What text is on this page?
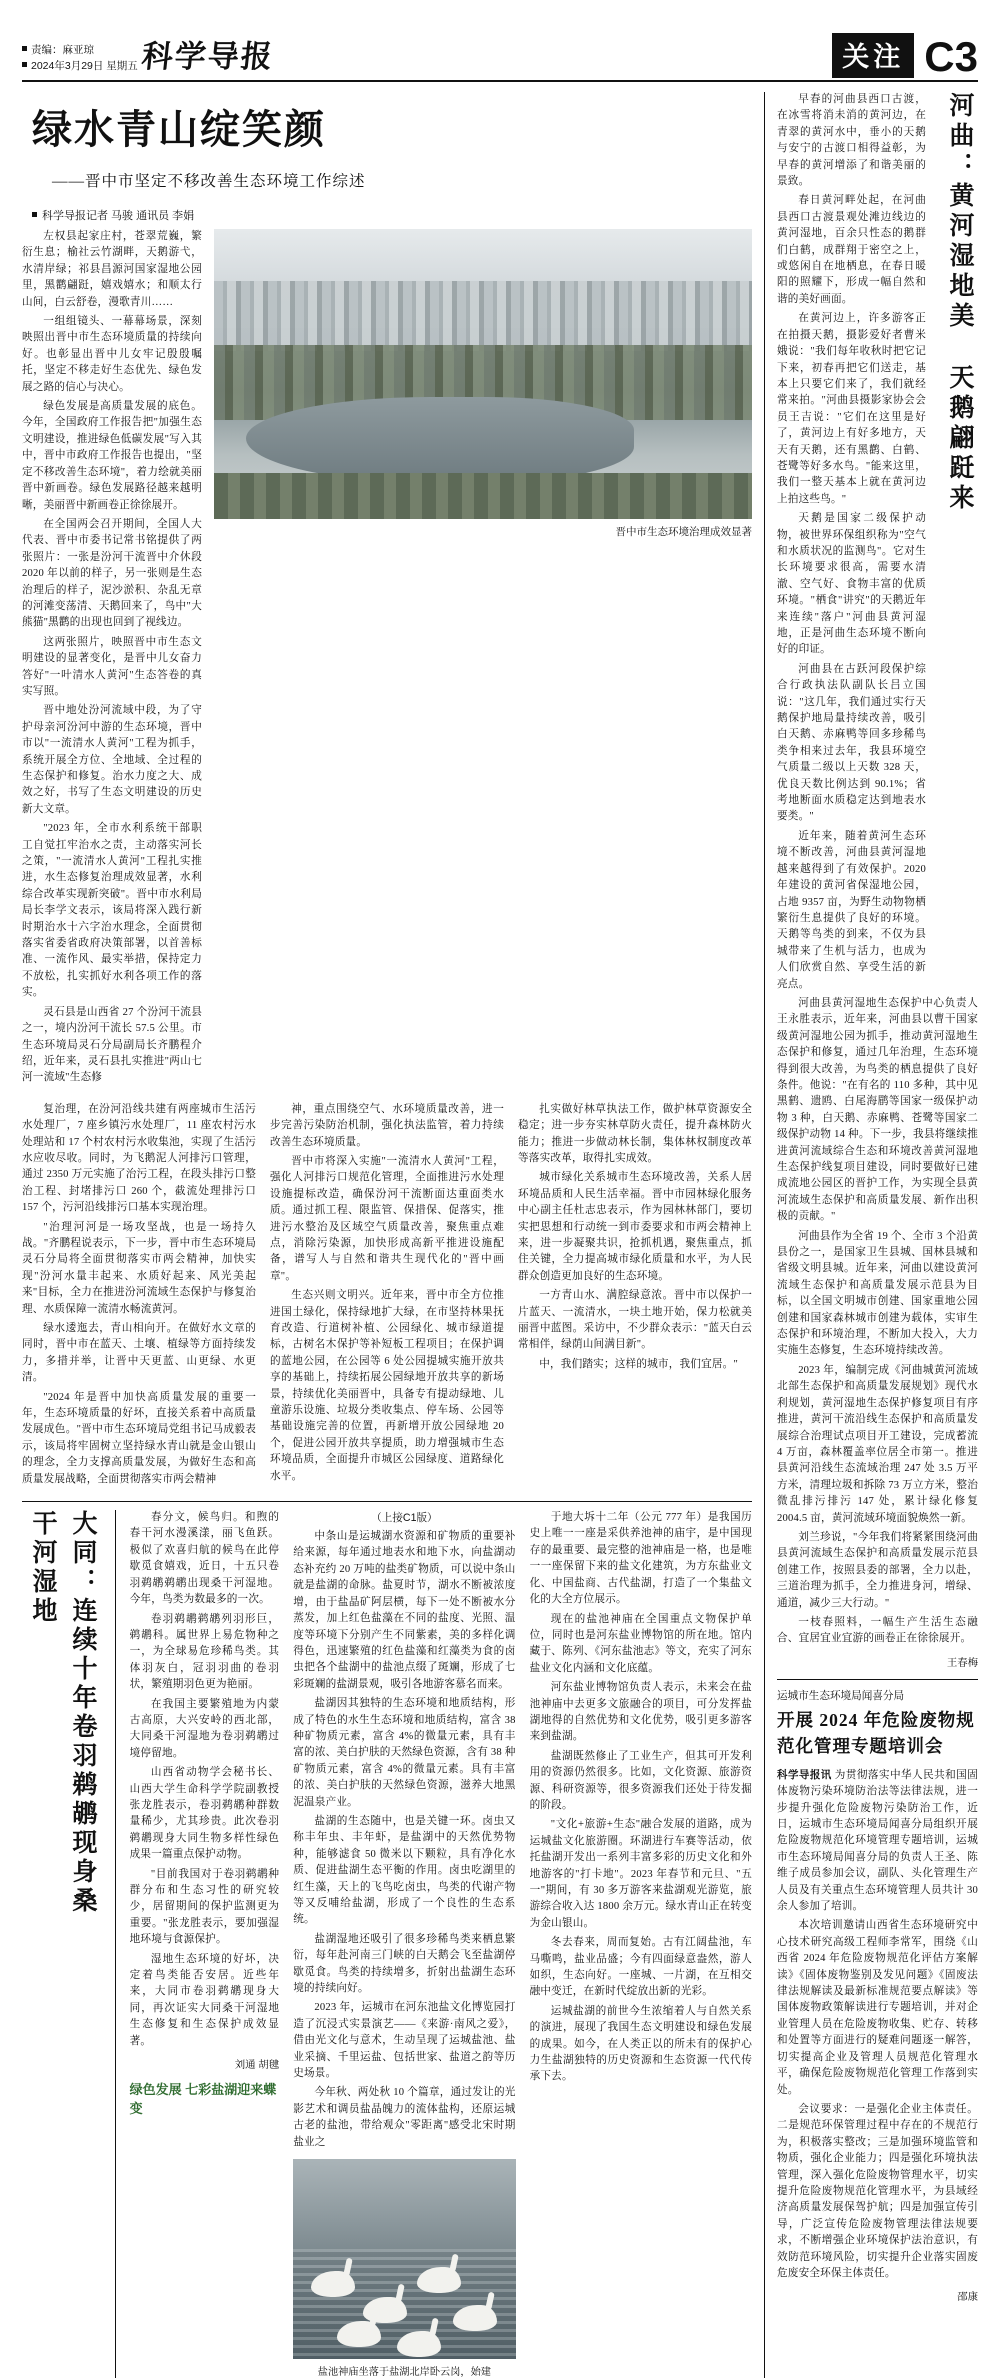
责编：麻亚琼
2024年3月29日 星期五 科学导报	关注 C3
绿水青山绽笑颜
——晋中市坚定不移改善生态环境工作综述
科学导报记者 马骏 通讯员 李娟

左权县起家庄村，苍翠荒巍，繁衍生息；榆社云竹湖畔，天鹅游弋，水清岸绿；祁县昌源河国家湿地公园里，黑鹳翩跹，嬉戏嬉水；和顺太行山间，白云舒卷，漫歌青川……

一组组镜头、一幕幕场景，深刻映照出晋中市生态环境质量的持续向好。也彰显出晋中儿女牢记殷殷嘱托，坚定不移走好生态优先、绿色发展之路的信心与决心。

绿色发展是高质量发展的底色。今年，全国政府工作报告把"加强生态文明建设，推进绿色低碳发展"写入其中，晋中市政府工作报告也提出，"坚定不移改善生态环境"，着力绘就美丽晋中新画卷。绿色发展路径越来越明晰，美丽晋中新画卷正徐徐展开。

在全国两会召开期间，全国人大代表、晋中市委书记常书铭提供了两张照片：一张是汾河干流晋中介休段 2020 年以前的样子，另一张则是生态治理后的样子，泥沙淤积、杂乱无章的河滩变荡清、天鹅回来了，鸟中"大熊猫"黑鹳的出现也回到了视线边。

这两张照片，映照晋中市生态文明建设的显著变化，是晋中儿女奋力答好"一叶清水人黄河"生态答卷的真实写照。

晋中地处汾河流域中段，为了守护母亲河汾河中游的生态环境，晋中市以"一流清水人黄河"工程为抓手，系统开展全方位、全地域、全过程的生态保护和修复。治水力度之大、成效之好，书写了生态文明建设的历史新大文章。

"2023 年，全市水利系统干部职工自觉扛牢治水之责，主动落实河长之策，"一流清水人黄河"工程扎实推进，水生态修复治理成效显著，水利综合改革实现新突破"。晋中市水利局局长李学文表示，该局将深入践行新时期治水十六字治水理念，全面贯彻落实省委省政府决策部署，以首善标准、一流作风、最实举措，保持定力不放松，扎实抓好水利各项工作的落实。

灵石县是山西省 27 个汾河干流县之一，境内汾河干流长 57.5 公里。市生态环境局灵石分局副局长齐鹏程介绍，近年来，灵石县扎实推进"两山七河一流域"生态修

晋中市生态环境治理成效显著

复治理，在汾河沿线共建有两座城市生活污水处理厂，7 座乡镇污水处理厂，11 座农村污水处理站和 17 个村农村污水收集池，实现了生活污水应收尽收。同时，为飞鹅泥人河排污口管理，通过 2350 万元实施了治污工程，在段头排污口整治工程、封堵排污口 260 个，截流处理排污口 157 个，污河沿线排污口基本实现治理。

"治理河河是一场攻坚战，也是一场持久战。"齐鹏程说表示，下一步，晋中市生态环境局灵石分局将全面贯彻落实市两会精神，加快实现"汾河水量丰起来、水质好起来、风光美起来"目标，全力在推进汾河流域生态保护与修复治理、水质保障一流清水畅流黄河。

绿水逶迤去，青山相向开。在做好水文章的同时，晋中市在蓝天、土壤、植绿等方面持续发力，多措并举，让晋中天更蓝、山更绿、水更清。

"2024 年是晋中加快高质量发展的重要一年，生态环境质量的好坏，直接关系着中高质量发展成色。"晋中市生态环境局党组书记马成毅表示，该局将牢固树立坚持绿水青山就是金山银山的理念，全力支撑高质量发展，为做好生态和高质量发展战略，全面贯彻落实市两会精神

神，重点围绕空气、水环境质量改善，进一步完善污染防治机制，强化执法监管，着力持续改善生态环境质量。

晋中市将深入实施"一流清水人黄河"工程，强化人河排污口规范化管理，全面推进污水处理设施提标改造，确保汾河干流断面达重面类水质。通过抓工程、限监管、保措保、促落实，推进污水整治及区域空气质量改善，聚焦重点难点，消除污染源，加快形成高新平推进设施配备，谱写人与自然和谐共生现代化的"晋中画章"。

生态兴则文明兴。近年来，晋中市全方位推进国土绿化，保持绿地扩大绿，在市坚持林果抚育改造、行道树补植、公园绿化、城市绿道提标，古树名木保护等补短板工程项目；在保护调的蓝地公园，在公园等 6 处公园提城实施开放共享的基础上，持续拓展公园绿地开放共享的新场景，持续优化美丽晋中，具备专有提动绿地、儿童游乐设施、垃圾分类收集点、停车场、公园等基础设施完善的位置，再新增开放公园绿地 20 个，促进公园开放共享提质，助力增强城市生态环境品质，全面提升市城区公园绿度、道路绿化水平。

扎实做好林草执法工作，做护林草资源安全稳定；进一步夯实林草防火责任，提升森林防火能力；推进一步做动林长制，集体林权制度改革等落实改革，取得扎实成效。

城市绿化关系城市生态环境改善，关系人居环境品质和人民生活幸福。晋中市园林绿化服务中心副主任杜志忠表示，作为园林林部门，要切实把思想和行动统一到市委要求和市两会精神上来，进一步凝聚共识，抢抓机遇，聚焦重点，抓住关键，全力提高城市绿化质量和水平，为人民群众创造更加良好的生态环境。

一方青山水、满腔绿意浓。晋中市以保护一片蓝天、一流清水，一块土地开始，保力松就美丽晋中蓝图。采访中，不少群众表示："蓝天白云常相伴，绿荫山间满目新"。

中，我们踏实；这样的城市，我们宜居。"

大同：连续十年卷羽鹈鹕现身桑干河湿地	春分文，候鸟归。和煦的春干河水漫溪漾，丽飞鱼跃。极似了欢喜归航的候鸟在此停歇觅食嬉戏，近日，十五只卷羽鹈鹕鹈鹕出现桑干河湿地。今年，鸟类为数最多的一次。

卷羽鹈鹕鹈鹕列羽形巨，鹈鹕科。属世界上易危物种之一，为全球易危珍稀鸟类。其体羽灰白，冠羽羽曲的卷羽状，繁殖期羽色更为艳丽。

在我国主要繁殖地为内蒙古高原，大兴安岭的西北部，大同桑干河湿地为卷羽鹈鹕过境停留地。

山西省动物学会秘书长、山西大学生命科学学院副教授张龙胜表示，卷羽鹈鹕种群数量稀少，尤其珍贵。此次卷羽鹈鹕现身大同生物多样性绿色成果一篇重点保护动物。

"目前我国对于卷羽鹈鹕种群分布和生态习性的研究较少，居留期间的保护监测更为重要。"张龙胜表示，要加强湿地环境与食源保护。

湿地生态环境的好坏，决定着鸟类能否安居。近些年来，大同市卷羽鹈鹕现身大同，再次证实大同桑干河湿地生态修复和生态保护成效显著。

刘通 胡毽
绿色发展 七彩盐湖迎来蝶变
（上接C1版）

中条山是运城湖水资源和矿物质的重要补给来源，每年通过地表水和地下水，向盐湖动态补充约 20 万吨的盐类矿物质，可以说中条山就是盐湖的命脉。盐夏时节，湖水不断被浓度增，由于盐晶矿阿层横，每下一处不断被水分蒸发，加上红色盐藻在不同的盐度、光照、温度等环境下分别产生不同紫素，美的多样化调得色，迅速繁殖的红色盐藻和红藻类为食的卤虫把各个盐湖中的盐池点缀了斑斓，形成了七彩斑斓的盐湖景观，吸引各地游客慕名而来。

盐湖因其独特的生态环境和地质结构，形成了特色的水生生态环境和地质结构，富含 38 种矿物质元素，富含 4%的微量元素，具有丰富的浓、美白护肤的天然绿色资源，含有 38 种矿物质元素，富含 4%的微量元素。具有丰富的浓、美白护肤的天然绿色资源，滋养大地黑泥温泉产业。

盐湖的生态随中，也是关键一环。卤虫又称丰年虫、丰年虾，是盐湖中的天然优势物种，能够滤食 50 微米以下颗粒，具有净化水质、促进盐湖生态平衡的作用。卤虫吃湖里的红生藻，天上的飞鸟吃卤虫，鸟类的代谢产物等又反哺给盐湖，形成了一个良性的生态系统。

盐湖湿地还吸引了很多珍稀鸟类来栖息繁衍，每年赴河南三门峡的白天鹅会飞至盐湖停歇觅食。鸟类的持续增多，折射出盐湖生态环境的持续向好。

2023 年，运城市在河东池盐文化博览园打造了沉浸式实景演艺——《来游·南风之爱》，借由光文化与意术，生动呈现了运城盐池、盐业采摘、千里运盐、包括世家、盐道之韵等历史场景。

今年秋、两处秋 10 个篇章，通过发让的光影艺术和调员盐晶魄力的流体盐构，还原运城古老的盐池，带给观众"零距离"感受北宋时期盐业之

盐池神庙坐落于盐湖北岸卧云岗，始建

于地大坼十二年（公元 777 年）是我国历史上唯一一座是采供养池神的庙宇，是中国现存的最重要、最完整的池神庙是一格，也是唯一一座保留下来的盐文化建筑，为方东盐业文化、中国盐商、古代盐湖，打造了一个集盐文化的大全方位展示。

现在的盐池神庙在全国重点文物保护单位，同时也是河东盐业博物馆的所在地。馆内藏于、陈列、《河东盐池志》等文，充实了河东盐业文化内涵和文化底蕴。

河东盐业博物馆负责人表示，未来会在盐池神庙中去更多文旅融合的项目，可分发挥盐湖地得的自然优势和文化优势，吸引更多游客来到盐湖。

盐湖既然修止了工业生产，但其可开发利用的资源仍然很多。比如，文化资源、旅游资源、科研资源等，很多资源我们还处于待发掘的阶段。

"文化+旅游+生态"融合发展的道路，成为运城盐文化旅游圈。环湖进行车赛等活动，依托盐湖开发出一系列丰富多彩的历史文化和外地游客的"打卡地"。2023 年春节和元旦、"五一"期间，有 30 多万游客来盐湖观光游览，旅游综合收入达 1800 余万元。绿水青山正在转变为金山银山。

冬去春来，周而复始。古有江阔盐池，车马嘶鸣，盐业品盛；今有四面绿意盎然，游人如织，生态向好。一座城、一片湖，在互相交融中变迁，在新时代绽放出新的光彩。

运城盐湖的前世今生浓缩着人与自然关系的演进，展现了我国生态文明建设和绿色发展的成果。如今，在人类正以的所未有的保护心力生盐湖独特的历史资源和生态资源一代代传承下去。

早春的河曲县西口古渡，在冰雪将消未消的黄河边，在青翠的黄河水中，垂小的天鹅与安宁的古渡口相得益彰，为早春的黄河增添了和谐美丽的景致。

春日黄河畔处起，在河曲县西口古渡景观处滩边线边的黄河湿地，百余只性态的鹅群们白鹤，成群翔于密空之上，或悠闲自在地栖息，在春日暖阳的照耀下，形成一幅自然和谐的美好画面。

在黄河边上，许多游客正在拍摄天鹅，摄影爱好者曹米娥说："我们每年收秋时把它记下来，初春再把它们送走，基本上只要它们来了，我们就经常来拍。"河曲县摄影家协会会员王吉说："它们在这里是好了，黄河边上有好多地方，天天有天鹅，还有黑鹳、白鹤、苍鹭等好多水鸟。"能来这里，我们一整天基本上就在黄河边上拍这些鸟。"

天鹅是国家二级保护动物，被世界环保组织称为"空气和水质状况的监测鸟"。它对生长环境要求很高，需要水清澈、空气好、食物丰富的优质环境。"栖食"讲究"的天鹅近年来连续"落户"河曲县黄河湿地，正是河曲生态环境不断向好的印证。

河曲县在古跃河段保护综合行政执法队副队长吕立国说："这几年，我们通过实行天鹅保护地局量持续改善，吸引白天鹅、赤麻鸭等回多珍稀鸟类争相来过去年，我县环境空气质量二级以上天数 328 天，优良天数比例达到 90.1%；省考地断面水质稳定达到地表水要类。"

近年来，随着黄河生态环境不断改善，河曲县黄河湿地越来越得到了有效保护。2020 年建设的黄河省保湿地公园，占地 9357 亩，为野生动物物栖繁衍生息提供了良好的环境。天鹅等鸟类的到来，不仅为县城带来了生机与活力，也成为人们欣赏自然、享受生活的新亮点。

河曲：黄河湿地美 天鹅翩跹来

河曲县黄河湿地生态保护中心负责人王永胜表示，近年来，河曲县以曹干国家级黄河湿地公园为抓手，推动黄河湿地生态保护和修复，通过几年治理，生态环境得到很大改善，为鸟类的栖息提供了良好条件。他说："在有名的 110 多种，其中见黑鹤、遗鸥、白尾海鹛等国家一级保护动物 3 种，白天鹅、赤麻鸭、苍鹭等国家二级保护动物 14 种。下一步，我县将继续推进黄河流域综合生态和环境改善黄河湿地生态保护线复项目建设，同时要做好已建成流地公园区的晋护工作，为实现全县黄河流域生态保护和高质量发展、新作出积极的贡献。"

河曲县作为全省 19 个、全市 3 个沿黄县份之一，是国家卫生县城、国林县城和省级文明县城。近年来，河曲以建设黄河流域生态保护和高质量发展示范县为目标，以全国文明城市创建、国家重地公园创建和国家森林城市创建为载体，实审生态保护和环境治理，不断加大投入，大力实施生态修复，生态环境持续改善。

2023 年，编制完成《河曲城黄河流域北部生态保护和高质量发展规划》现代水利规划，黄河湿地生态保护修复项目有序推进，黄河干流沿线生态保护和高质量发展综合治理试点项目开工建设，完成蓄流 4 万亩，森林覆盖率位居全市第一。推进县黄河沿线生态流域治理 247 处 3.5 万平方米，清理垃圾和拆除 73 万立方米，整治微乱排污排污 147 处，累计绿化修复 2004.5 亩，黄河流域环境面貌焕然一新。

刘兰珍说，"今年我们将紧紧围绕河曲县黄河流域生态保护和高质量发展示范县创建工作，按照县委的部署，全力以赴，三道治理为抓手，全力推进身河，增绿、通道，减少三大行动。"

一枝春照料，一幅生产生活生态融合、宜居宜业宜游的画卷正在徐徐展开。

王春梅
运城市生态环境局闻喜分局
开展 2024 年危险废物规范化管理专题培训会

科学导报讯 为贯彻落实中华人民共和国固体废物污染环境防治法等法律法规，进一步提升强化危险废物污染防治工作，近日，运城市生态环境局闻喜分局组织开展危险废物规范化环境管理专题培训，运城市生态环境局闻喜分局的负责人王圣、陈维子成员参加会议，副队、头化管理生产人员及有关重点生态环境管理人员共计 30 余人参加了培训。

本次培训邀请山西省生态环境研究中心技术研究高级工程师李常军，围绕《山西省 2024 年危险废物规范化评估方案解读》《固体废物鉴别及发见问题》《固废法律法规解读及最新标准规范要点解读》等国体废物政策解读进行专题培训，并对企业管理人员在危险废物收集、贮存、转移和处置等方面进行的疑难问题逐一解答，切实提高企业及管理人员规范化管理水平，确保危险废物规范化管理工作落到实处。

会议要求：一是强化企业主体责任。二是规范环保管理过程中存在的不规范行为，积极落实整改；三是加强环境监管和物质，强化企业能力；四是强化环境执法管理，深入强化危险废物管理水平，切实提升危险废物规范化管理水平，为县域经济高质量发展保驾护航；四是加强宣传引导，广泛宣传危险废物管理法律法规要求，不断增强企业环境保护法治意识，有效防范环境风险，切实提升企业落实固废危废安全环保主体责任。

邵康
